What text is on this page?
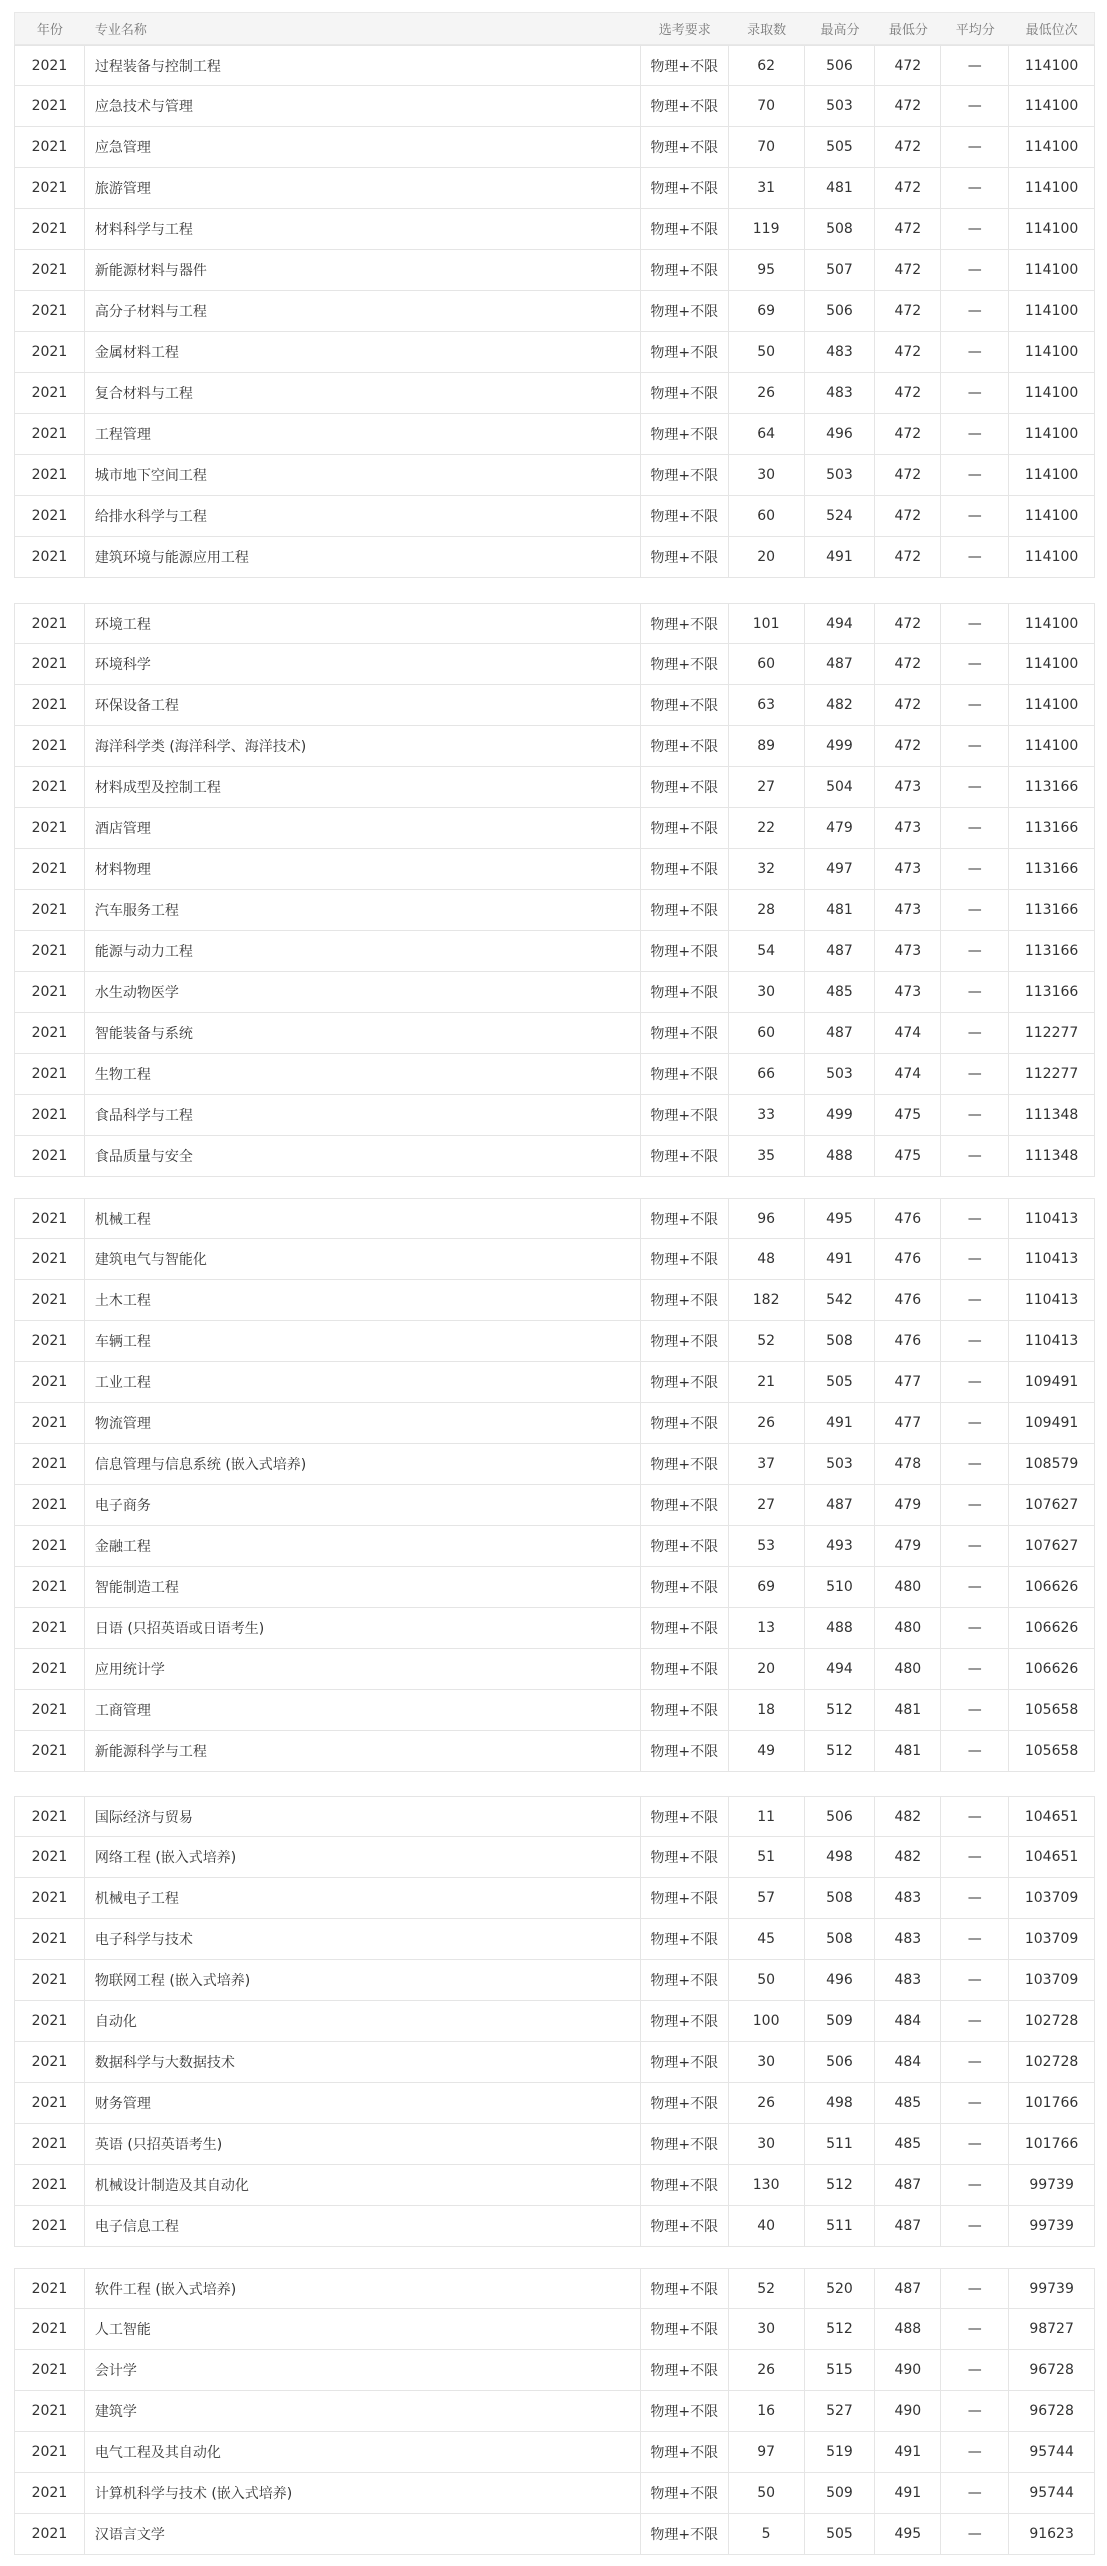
年份	专业名称	选考要求	录取数	最高分	最低分	平均分	最低位次
2021	过程装备与控制工程	物理+不限	62	506	472	—	114100
2021	应急技术与管理	物理+不限	70	503	472	—	114100
2021	应急管理	物理+不限	70	505	472	—	114100
2021	旅游管理	物理+不限	31	481	472	—	114100
2021	材料科学与工程	物理+不限	119	508	472	—	114100
2021	新能源材料与器件	物理+不限	95	507	472	—	114100
2021	高分子材料与工程	物理+不限	69	506	472	—	114100
2021	金属材料工程	物理+不限	50	483	472	—	114100
2021	复合材料与工程	物理+不限	26	483	472	—	114100
2021	工程管理	物理+不限	64	496	472	—	114100
2021	城市地下空间工程	物理+不限	30	503	472	—	114100
2021	给排水科学与工程	物理+不限	60	524	472	—	114100
2021	建筑环境与能源应用工程	物理+不限	20	491	472	—	114100
2021	环境工程	物理+不限	101	494	472	—	114100
2021	环境科学	物理+不限	60	487	472	—	114100
2021	环保设备工程	物理+不限	63	482	472	—	114100
2021	海洋科学类 (海洋科学、海洋技术)	物理+不限	89	499	472	—	114100
2021	材料成型及控制工程	物理+不限	27	504	473	—	113166
2021	酒店管理	物理+不限	22	479	473	—	113166
2021	材料物理	物理+不限	32	497	473	—	113166
2021	汽车服务工程	物理+不限	28	481	473	—	113166
2021	能源与动力工程	物理+不限	54	487	473	—	113166
2021	水生动物医学	物理+不限	30	485	473	—	113166
2021	智能装备与系统	物理+不限	60	487	474	—	112277
2021	生物工程	物理+不限	66	503	474	—	112277
2021	食品科学与工程	物理+不限	33	499	475	—	111348
2021	食品质量与安全	物理+不限	35	488	475	—	111348
2021	机械工程	物理+不限	96	495	476	—	110413
2021	建筑电气与智能化	物理+不限	48	491	476	—	110413
2021	土木工程	物理+不限	182	542	476	—	110413
2021	车辆工程	物理+不限	52	508	476	—	110413
2021	工业工程	物理+不限	21	505	477	—	109491
2021	物流管理	物理+不限	26	491	477	—	109491
2021	信息管理与信息系统 (嵌入式培养)	物理+不限	37	503	478	—	108579
2021	电子商务	物理+不限	27	487	479	—	107627
2021	金融工程	物理+不限	53	493	479	—	107627
2021	智能制造工程	物理+不限	69	510	480	—	106626
2021	日语 (只招英语或日语考生)	物理+不限	13	488	480	—	106626
2021	应用统计学	物理+不限	20	494	480	—	106626
2021	工商管理	物理+不限	18	512	481	—	105658
2021	新能源科学与工程	物理+不限	49	512	481	—	105658
2021	国际经济与贸易	物理+不限	11	506	482	—	104651
2021	网络工程 (嵌入式培养)	物理+不限	51	498	482	—	104651
2021	机械电子工程	物理+不限	57	508	483	—	103709
2021	电子科学与技术	物理+不限	45	508	483	—	103709
2021	物联网工程 (嵌入式培养)	物理+不限	50	496	483	—	103709
2021	自动化	物理+不限	100	509	484	—	102728
2021	数据科学与大数据技术	物理+不限	30	506	484	—	102728
2021	财务管理	物理+不限	26	498	485	—	101766
2021	英语 (只招英语考生)	物理+不限	30	511	485	—	101766
2021	机械设计制造及其自动化	物理+不限	130	512	487	—	99739
2021	电子信息工程	物理+不限	40	511	487	—	99739
2021	软件工程 (嵌入式培养)	物理+不限	52	520	487	—	99739
2021	人工智能	物理+不限	30	512	488	—	98727
2021	会计学	物理+不限	26	515	490	—	96728
2021	建筑学	物理+不限	16	527	490	—	96728
2021	电气工程及其自动化	物理+不限	97	519	491	—	95744
2021	计算机科学与技术 (嵌入式培养)	物理+不限	50	509	491	—	95744
2021	汉语言文学	物理+不限	5	505	495	—	91623
